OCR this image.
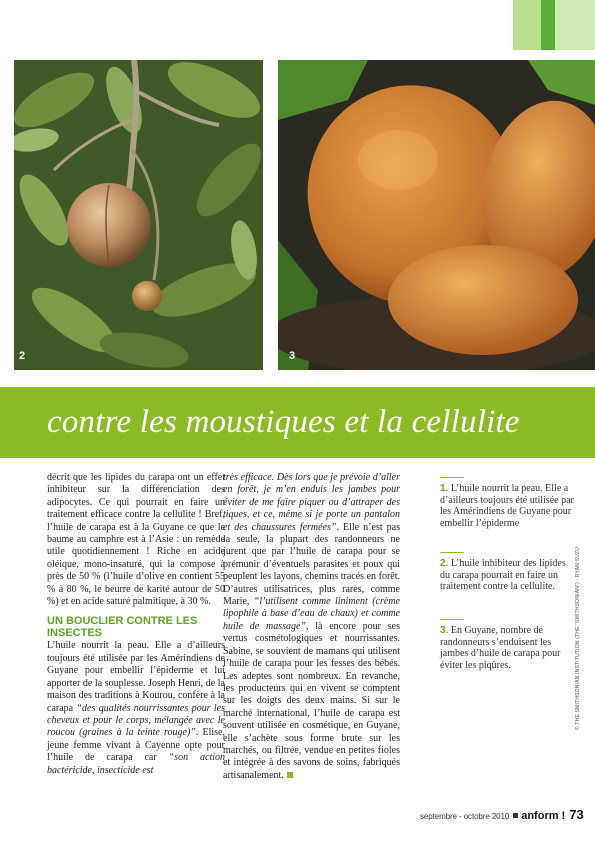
2	3
contre les moustiques et la cellulite

décrit que les lipides du carapa ont un effet inhibiteur sur la différenciation des adipocytes. Ce qui pourrait en faire un traitement efficace contre la cellulite ! Bref, l’huile de carapa est à la Guyane ce que le baume au camphre est à l’Asie : un remède utile quotidiennement ! Riche en acide oléique, mono-insaturé, qui la compose à près de 50 % (l’huile d’olive en contient 55 % à 80 %, le beurre de karité autour de 50 %) et en acide saturé palmitique, à 30 %.

UN BOUCLIER CONTRE LES INSECTES

L’huile nourrit la peau. Elle a d’ailleurs toujours été utilisée par les Amérindiens de Guyane pour embellir l’épiderme et lui apporter de la souplesse. Joseph Henri, de la maison des traditions à Kourou, confère à la carapa “des qualités nourrissantes pour les cheveux et pour le corps, mélangée avec le roucou (graines à la teinte rouge)”. Elise, jeune femme vivant à Cayenne opte pour l’huile de carapa car “son action bactéricide, insecticide est

très efficace. Dès lors que je prévoie d’aller en forêt, je m’en enduis les jambes pour éviter de me faire piquer ou d’attraper des tiques, et ce, même si je porte un pantalon et des chaussures fermées”. Elle n’est pas la seule, la plupart des randonneurs ne jurent que par l’huile de carapa pour se prémunir d’éventuels parasites et poux qui peuplent les layons, chemins tracés en forêt. D’autres utilisatrices, plus rares, comme Marie, “l’utilisent comme liniment (crème lipophile à base d’eau de chaux) et comme huile de massage”, là encore pour ses vertus cosmétologiques et nourrissantes. Sabine, se souvient de mamans qui utilisent l’huile de carapa pour les fesses des bébés. Les adeptes sont nombreux. En revanche, les producteurs qui en vivent se comptent sur les doigts des deux mains. Si sur le marché international, l’huile de carapa est souvent utilisée en cosmétique, en Guyane, elle s’achète sous forme brute sur les marchés, ou filtrée, vendue en petites fioles et intégrée à des savons de soins, fabriqués artisanalement.

1. L’huile nourrit la peau. Elle a d’ailleurs toujours été utilisée par les Amérindiens de Guyane pour embellir l’épiderme
2. L’huile inhibiteur des lipides du carapa pourrait en faire un traitement contre la cellulite.
3. En Guyane, nombre de randonneurs s’enduisent les jambes d’huile de carapa pour éviter les piqûres.	© THE SMITHSONIAN INSTITUTION (THE “SMITHSONIAN”) - RYAN SUZU
septembre - octobre 2010 anform ! 73
